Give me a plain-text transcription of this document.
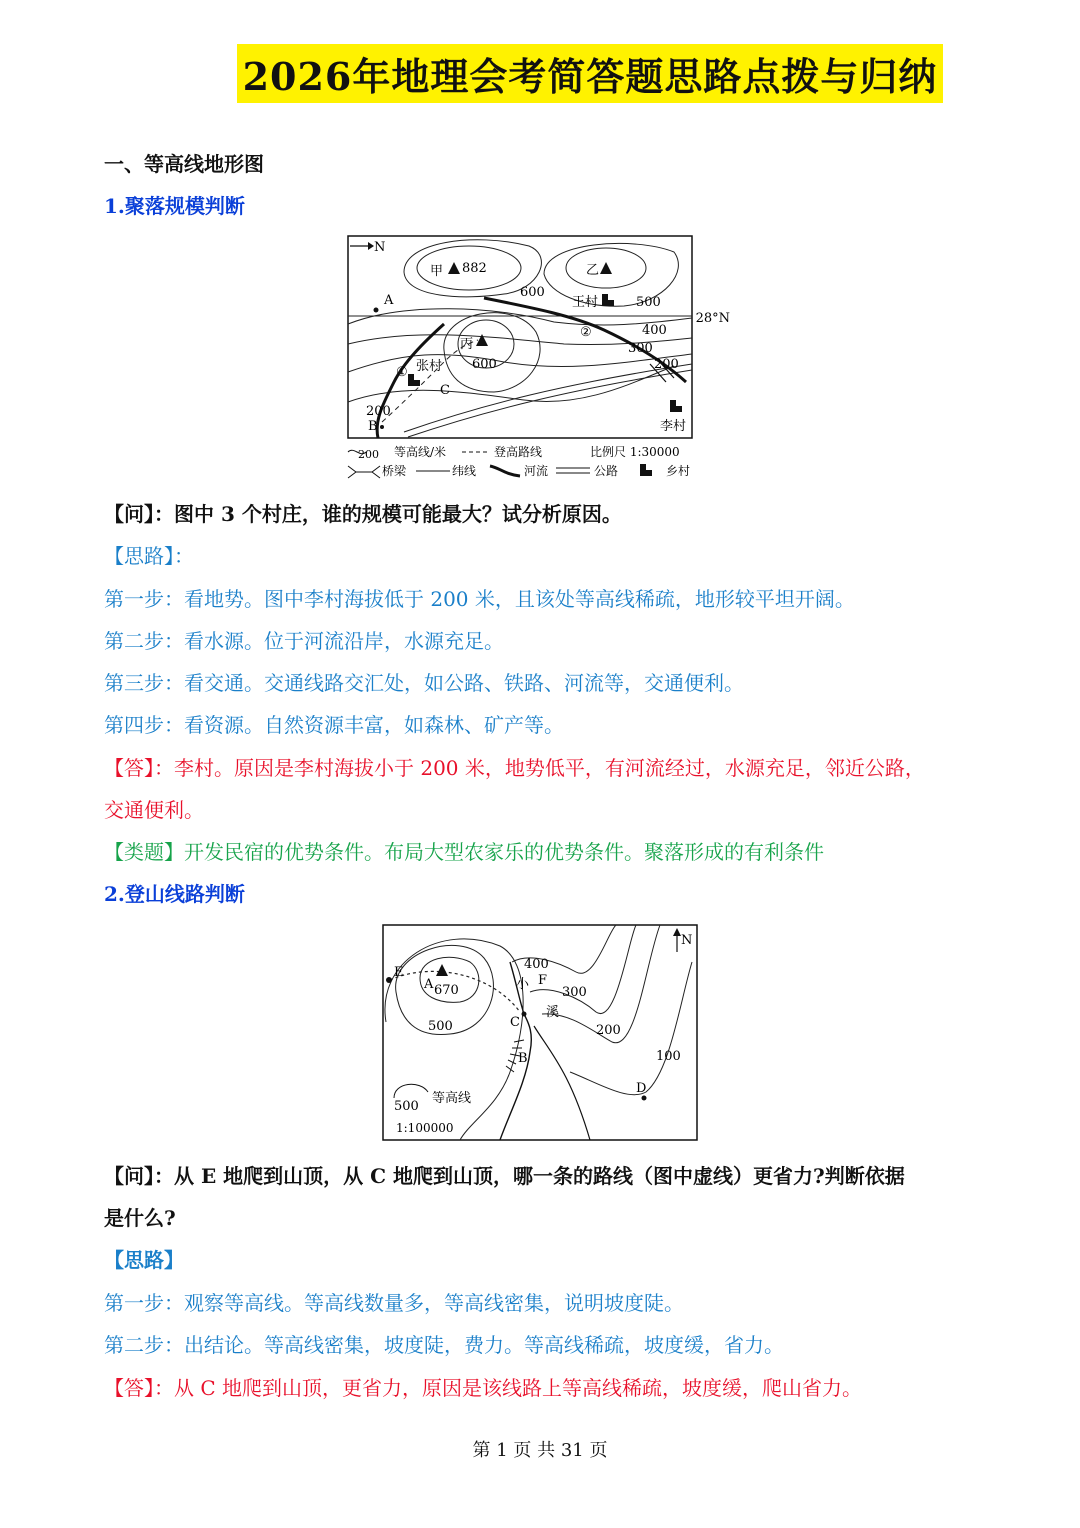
2026年地理会考简答题思路点拨与归纳
一、等高线地形图
1.聚落规模判断
N
甲 882	乙
丙
600
600
500
400
300
200
200
王村
张村
李村
28°N
A
B
C
①
②
200 等高线/米	登高路线	比例尺 1:30000
桥梁	纬线	河流	公路	乡村
【问】：图中 3 个村庄，谁的规模可能最大？试分析原因。
【思路】：
第一步：看地势。图中李村海拔低于 200 米，且该处等高线稀疏，地形较平坦开阔。
第二步：看水源。位于河流沿岸，水源充足。
第三步：看交通。交通线路交汇处，如公路、铁路、河流等，交通便利。
第四步：看资源。自然资源丰富，如森林、矿产等。
【答】：李村。原因是李村海拔小于 200 米，地势低平，有河流经过，水源充足，邻近公路，
交通便利。
【类题】开发民宿的优势条件。布局大型农家乐的优势条件。聚落形成的有利条件
2.登山线路判断
N
E
A 670
500
400
F
小
300
C
溪
200
B	100
D
500
等高线
1:100000
【问】：从 E 地爬到山顶，从 C 地爬到山顶，哪一条的路线（图中虚线）更省力?判断依据
是什么?
【思路】
第一步：观察等高线。等高线数量多，等高线密集，说明坡度陡。
第二步：出结论。等高线密集，坡度陡，费力。等高线稀疏，坡度缓，省力。
【答】：从 C 地爬到山顶，更省力，原因是该线路上等高线稀疏，坡度缓，爬山省力。
第 1 页 共 31 页
